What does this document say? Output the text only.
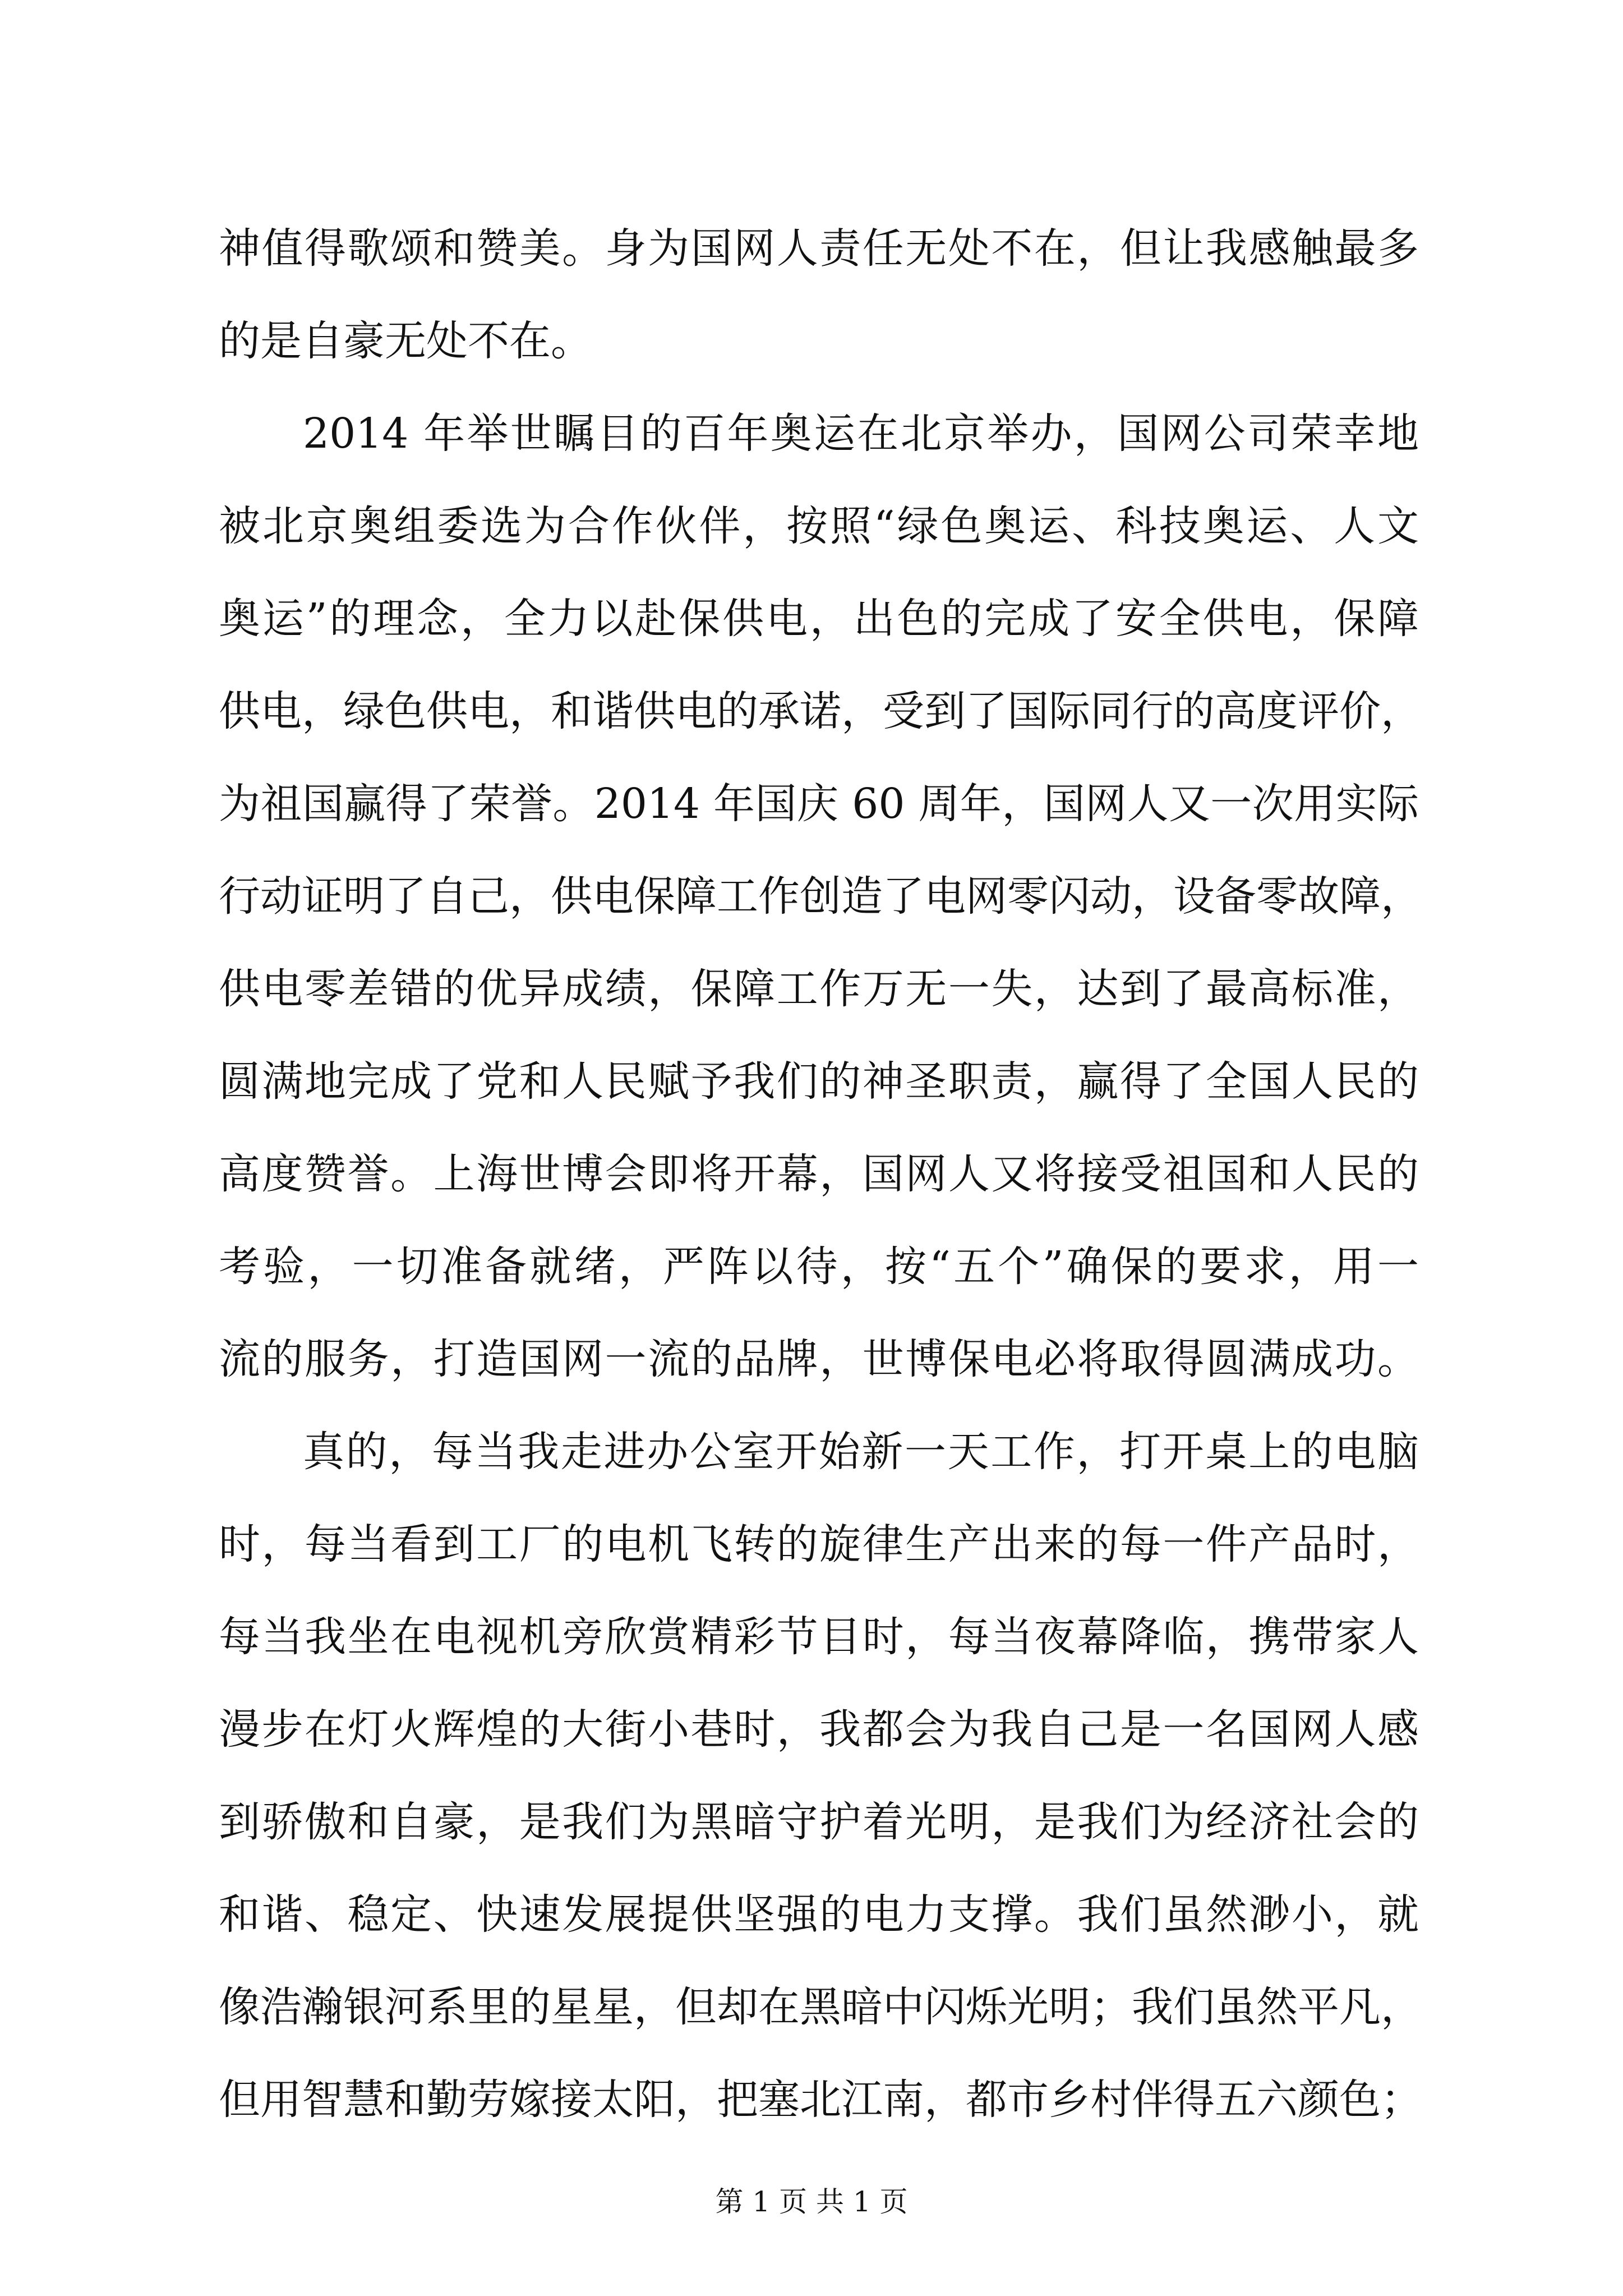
神值得歌颂和赞美。身为国网人责任无处不在，但让我感触最多
的是自豪无处不在。
2014 年举世瞩目的百年奥运在北京举办，国网公司荣幸地
被北京奥组委选为合作伙伴，按照“绿色奥运、科技奥运、人文
奥运”的理念，全力以赴保供电，出色的完成了安全供电，保障
供电，绿色供电，和谐供电的承诺，受到了国际同行的高度评价，
为祖国赢得了荣誉。2014 年国庆 60 周年，国网人又一次用实际
行动证明了自己，供电保障工作创造了电网零闪动，设备零故障，
供电零差错的优异成绩，保障工作万无一失，达到了最高标准，
圆满地完成了党和人民赋予我们的神圣职责，赢得了全国人民的
高度赞誉。上海世博会即将开幕，国网人又将接受祖国和人民的
考验，一切准备就绪，严阵以待，按“五个”确保的要求，用一
流的服务，打造国网一流的品牌，世博保电必将取得圆满成功。
真的，每当我走进办公室开始新一天工作，打开桌上的电脑
时，每当看到工厂的电机飞转的旋律生产出来的每一件产品时，
每当我坐在电视机旁欣赏精彩节目时，每当夜幕降临，携带家人
漫步在灯火辉煌的大街小巷时，我都会为我自己是一名国网人感
到骄傲和自豪，是我们为黑暗守护着光明，是我们为经济社会的
和谐、稳定、快速发展提供坚强的电力支撑。我们虽然渺小，就
像浩瀚银河系里的星星，但却在黑暗中闪烁光明；我们虽然平凡，
但用智慧和勤劳嫁接太阳，把塞北江南，都市乡村伴得五六颜色；
第 1 页 共 1 页
